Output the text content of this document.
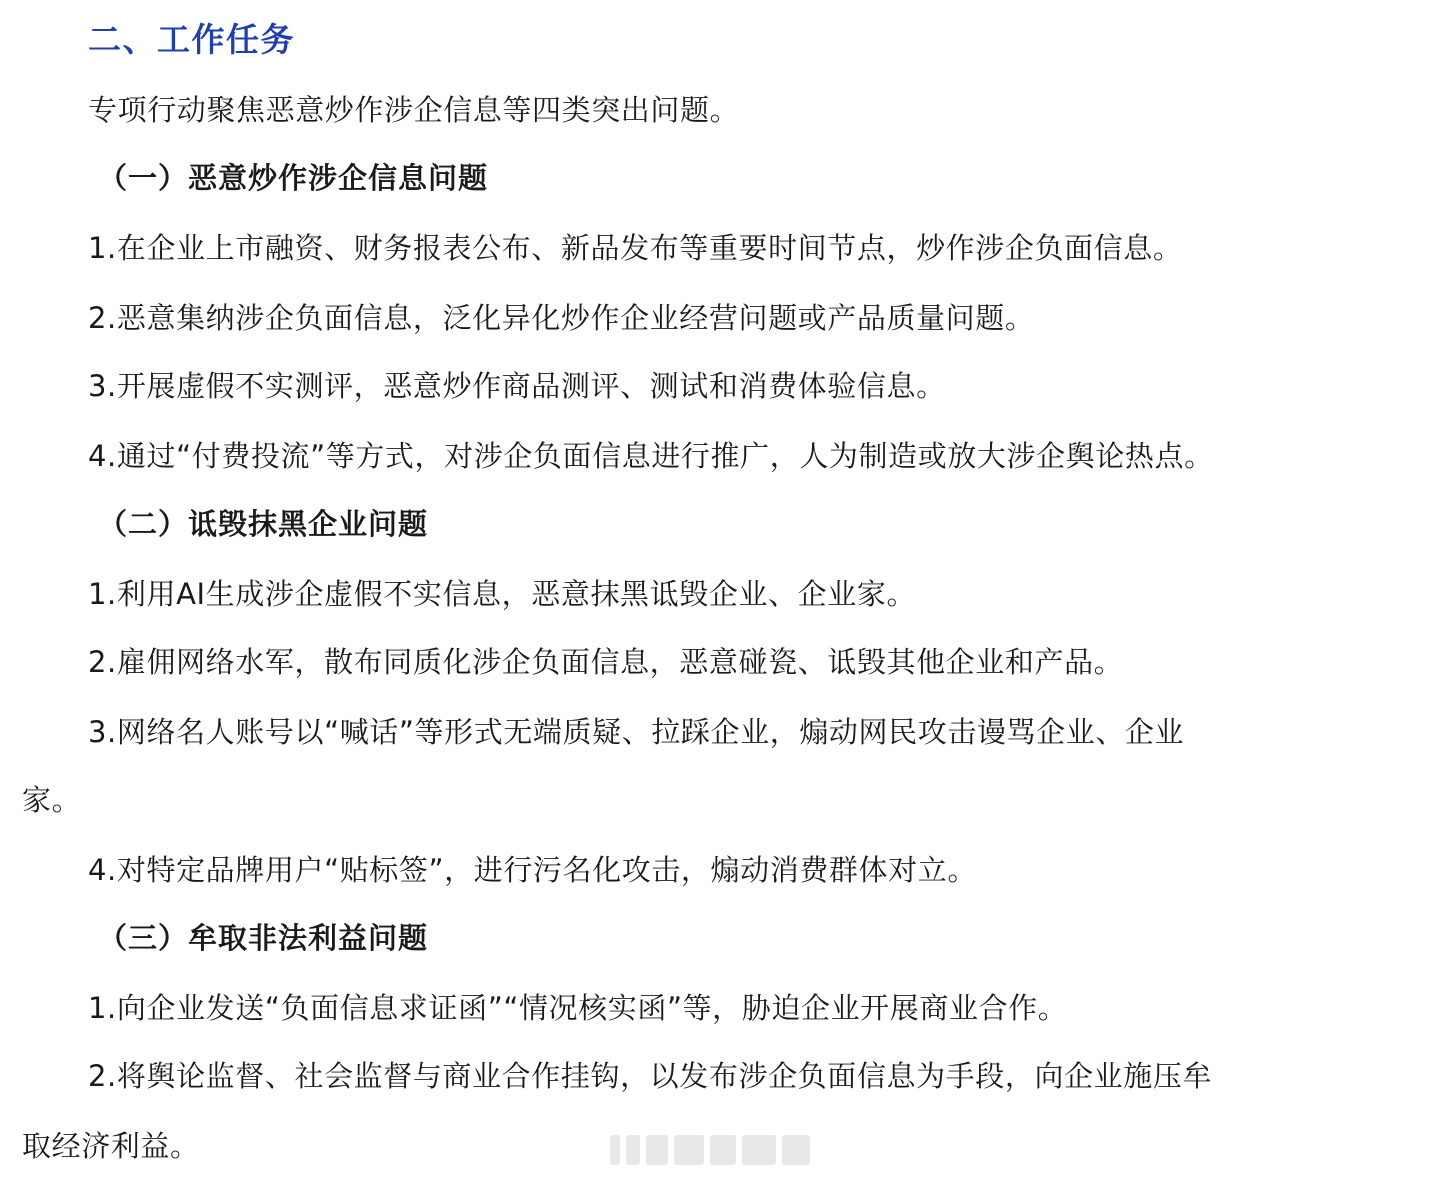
二、工作任务
专项行动聚焦恶意炒作涉企信息等四类突出问题。
（一）恶意炒作涉企信息问题
1.在企业上市融资、财务报表公布、新品发布等重要时间节点，炒作涉企负面信息。
2.恶意集纳涉企负面信息，泛化异化炒作企业经营问题或产品质量问题。
3.开展虚假不实测评，恶意炒作商品测评、测试和消费体验信息。
4.通过“付费投流”等方式，对涉企负面信息进行推广，人为制造或放大涉企舆论热点。
（二）诋毁抹黑企业问题
1.利用AI生成涉企虚假不实信息，恶意抹黑诋毁企业、企业家。
2.雇佣网络水军，散布同质化涉企负面信息，恶意碰瓷、诋毁其他企业和产品。
3.网络名人账号以“喊话”等形式无端质疑、拉踩企业，煽动网民攻击谩骂企业、企业
家。
4.对特定品牌用户“贴标签”，进行污名化攻击，煽动消费群体对立。
（三）牟取非法利益问题
1.向企业发送“负面信息求证函”“情况核实函”等，胁迫企业开展商业合作。
2.将舆论监督、社会监督与商业合作挂钩，以发布涉企负面信息为手段，向企业施压牟
取经济利益。
